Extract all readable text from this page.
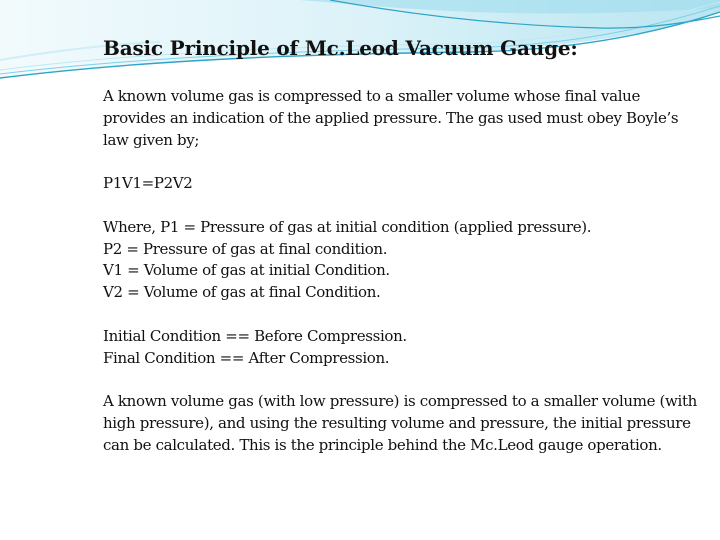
Basic Principle of Mc.Leod Vacuum Gauge:

A known volume gas is compressed to a smaller volume whose final value provides an indication of the applied pressure. The gas used must obey Boyle’s law given by;

P1V1=P2V2

Where, P1 = Pressure of gas at initial condition (applied pressure).

P2 = Pressure of gas at final condition.

V1 = Volume of gas at initial Condition.

V2 = Volume of gas at final Condition.

Initial Condition == Before Compression.

Final Condition == After Compression.

A known volume gas (with low pressure) is compressed to a smaller volume (with high pressure), and using the resulting volume and pressure, the initial pressure can be calculated. This is the principle behind the Mc.Leod gauge operation.
